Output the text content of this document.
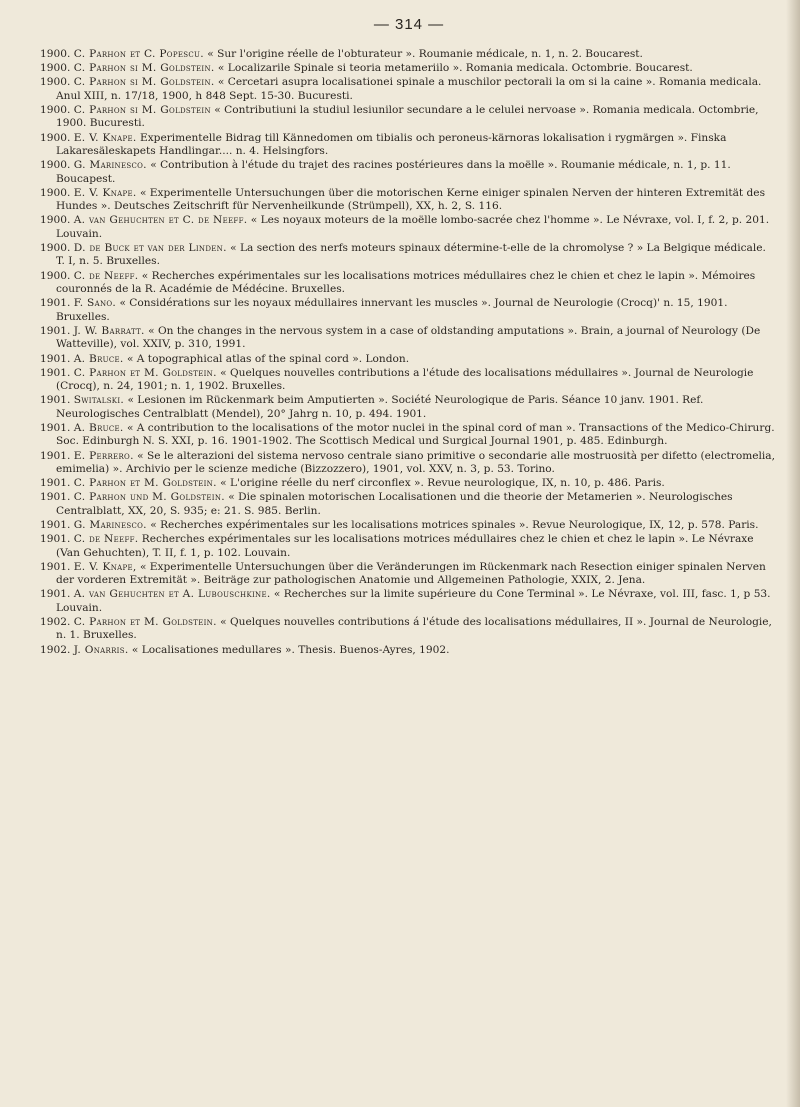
— 314 —
1900. C. Parhon et C. Popescu. « Sur l'origine réelle de l'obturateur ». Roumanie médicale, n. 1, n. 2. Boucarest.
1900. C. Parhon si M. Goldstein. « Localizarile Spinale si teoria metameriilo ». Romania medicala. Octombrie. Boucarest.
1900. C. Parhon si M. Goldstein. « Cercetari asupra localisationei spinale a muschilor pectorali la om si la caine ». Romania medicala. Anul XIII, n. 17/18, 1900, h 848 Sept. 15-30. Bucuresti.
1900. C. Parhon si M. Goldstein « Contributiuni la studiul lesiunilor secundare a le celulei nervoase ». Romania medicala. Octombrie, 1900. Bucuresti.
1900. E. V. Knape. Experimentelle Bidrag till Kännedomen om tibialis och peroneus-kärnoras lokalisation i rygmärgen ». Finska Lakaresäleskapets Handlingar.... n. 4. Helsingfors.
1900. G. Marinesco. « Contribution à l'étude du trajet des racines postérieures dans la moëlle ». Roumanie médicale, n. 1, p. 11. Boucapest.
1900. E. V. Knape. « Experimentelle Untersuchungen über die motorischen Kerne einiger spinalen Nerven der hinteren Extremität des Hundes ». Deutsches Zeitschrift für Nervenheilkunde (Strümpell), XX, h. 2, S. 116.
1900. A. van Gehuchten et C. de Neeff. « Les noyaux moteurs de la moëlle lombo-sacrée chez l'homme ». Le Névraxe, vol. I, f. 2, p. 201. Louvain.
1900. D. de Buck et van der Linden. « La section des nerfs moteurs spinaux détermine-t-elle de la chromolyse ? » La Belgique médicale. T. I, n. 5. Bruxelles.
1900. C. de Neeff. « Recherches expérimentales sur les localisations motrices médullaires chez le chien et chez le lapin ». Mémoires couronnés de la R. Académie de Médécine. Bruxelles.
1901. F. Sano. « Considérations sur les noyaux médullaires innervant les muscles ». Journal de Neurologie (Crocq)' n. 15, 1901. Bruxelles.
1901. J. W. Barratt. « On the changes in the nervous system in a case of oldstanding amputations ». Brain, a journal of Neurology (De Watteville), vol. XXIV, p. 310, 1991.
1901. A. Bruce. « A topographical atlas of the spinal cord ». London.
1901. C. Parhon et M. Goldstein. « Quelques nouvelles contributions a l'étude des localisations médullaires ». Journal de Neurologie (Crocq), n. 24, 1901; n. 1, 1902. Bruxelles.
1901. Switalski. « Lesionen im Rückenmark beim Amputierten ». Société Neurologique de Paris. Séance 10 janv. 1901. Ref. Neurologisches Centralblatt (Mendel), 20° Jahrg n. 10, p. 494. 1901.
1901. A. Bruce. « A contribution to the localisations of the motor nuclei in the spinal cord of man ». Transactions of the Medico-Chirurg. Soc. Edinburgh N. S. XXI, p. 16. 1901-1902. The Scottisch Medical und Surgical Journal 1901, p. 485. Edinburgh.
1901. E. Perrero. « Se le alterazioni del sistema nervoso centrale siano primitive o secondarie alle mostruosità per difetto (electromelia, emimelia) ». Archivio per le scienze mediche (Bizzozzero), 1901, vol. XXV, n. 3, p. 53. Torino.
1901. C. Parhon et M. Goldstein. « L'origine réelle du nerf circonflex ». Revue neurologique, IX, n. 10, p. 486. Paris.
1901. C. Parhon und M. Goldstein. « Die spinalen motorischen Localisationen und die theorie der Metamerien ». Neurologisches Centralblatt, XX, 20, S. 935; e: 21. S. 985. Berlin.
1901. G. Marinesco. « Recherches expérimentales sur les localisations motrices spinales ». Revue Neurologique, IX, 12, p. 578. Paris.
1901. C. de Neeff. Recherches expérimentales sur les localisations motrices médullaires chez le chien et chez le lapin ». Le Névraxe (Van Gehuchten), T. II, f. 1, p. 102. Louvain.
1901. E. V. Knape, « Experimentelle Untersuchungen über die Veränderungen im Rückenmark nach Resection einiger spinalen Nerven der vorderen Extremität ». Beiträge zur pathologischen Anatomie und Allgemeinen Pathologie, XXIX, 2. Jena.
1901. A. van Gehuchten et A. Lubouschkine. « Recherches sur la limite supérieure du Cone Terminal ». Le Névraxe, vol. III, fasc. 1, p 53. Louvain.
1902. C. Parhon et M. Goldstein. « Quelques nouvelles contributions á l'étude des localisations médullaires, II ». Journal de Neurologie, n. 1. Bruxelles.
1902. J. Onarris. « Localisationes medullares ». Thesis. Buenos-Ayres, 1902.
